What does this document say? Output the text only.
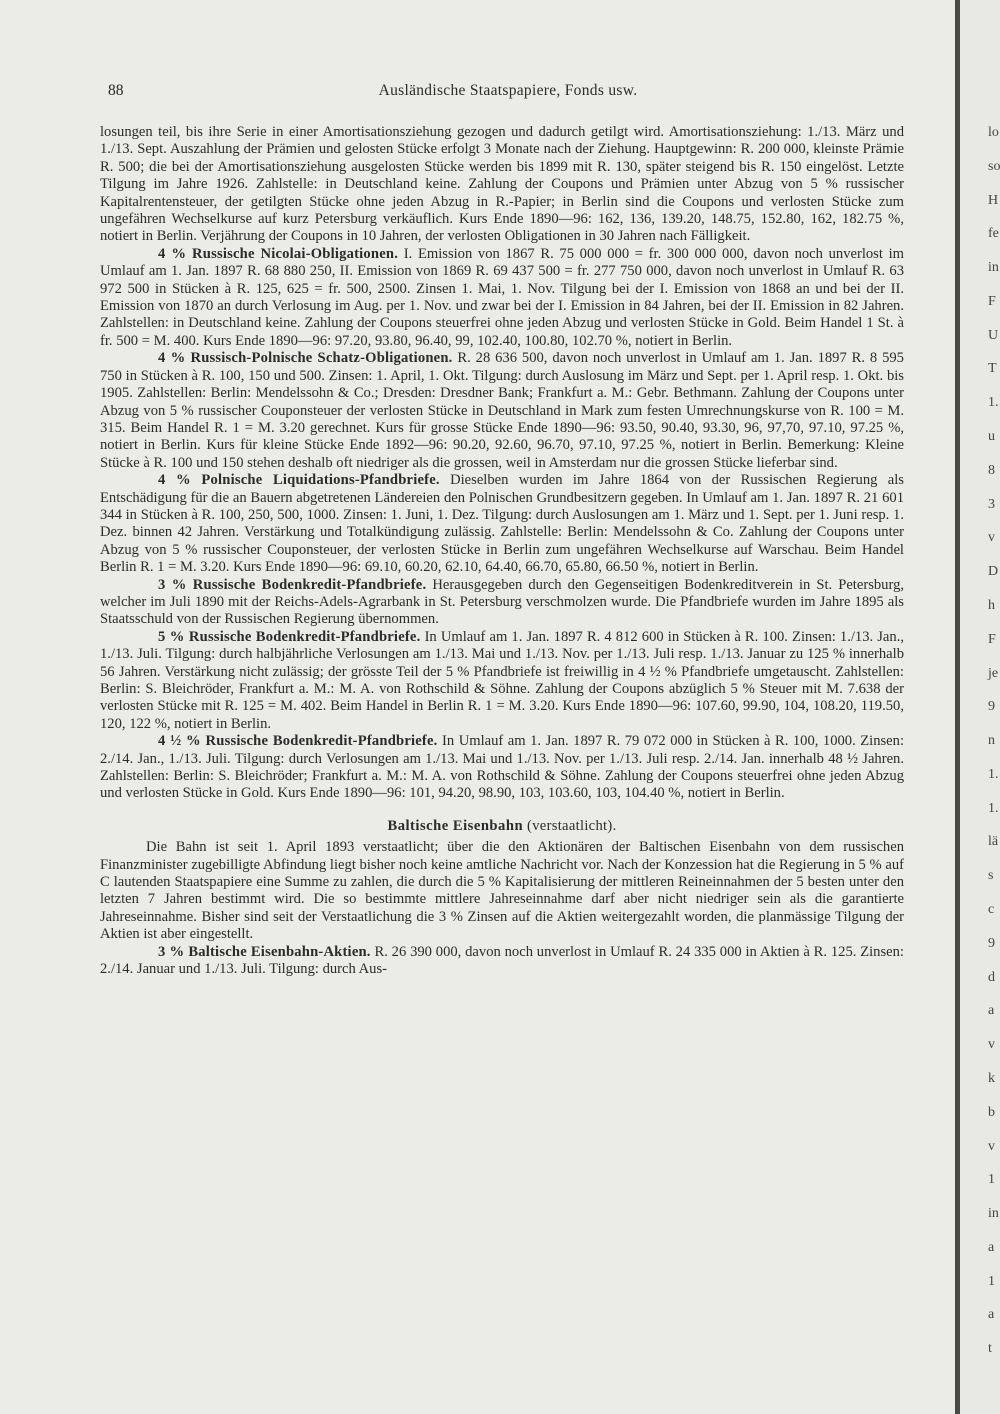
88	Ausländische Staatspapiere, Fonds usw.

losungen teil, bis ihre Serie in einer Amortisationsziehung gezogen und dadurch getilgt wird. Amortisationsziehung: 1./13. März und 1./13. Sept. Auszahlung der Prämien und gelosten Stücke erfolgt 3 Monate nach der Ziehung. Hauptgewinn: R. 200 000, kleinste Prämie R. 500; die bei der Amortisationsziehung ausgelosten Stücke werden bis 1899 mit R. 130, später steigend bis R. 150 eingelöst. Letzte Tilgung im Jahre 1926. Zahlstelle: in Deutschland keine. Zahlung der Coupons und Prämien unter Abzug von 5 % russischer Kapitalrentensteuer, der getilgten Stücke ohne jeden Abzug in R.-Papier; in Berlin sind die Coupons und verlosten Stücke zum ungefähren Wechselkurse auf kurz Petersburg verkäuflich. Kurs Ende 1890—96: 162, 136, 139.20, 148.75, 152.80, 162, 182.75 %, notiert in Berlin. Verjährung der Coupons in 10 Jahren, der verlosten Obligationen in 30 Jahren nach Fälligkeit.

4 % Russische Nicolai-Obligationen. I. Emission von 1867 R. 75 000 000 = fr. 300 000 000, davon noch unverlost im Umlauf am 1. Jan. 1897 R. 68 880 250, II. Emission von 1869 R. 69 437 500 = fr. 277 750 000, davon noch unverlost in Umlauf R. 63 972 500 in Stücken à R. 125, 625 = fr. 500, 2500. Zinsen 1. Mai, 1. Nov. Tilgung bei der I. Emission von 1868 an und bei der II. Emission von 1870 an durch Verlosung im Aug. per 1. Nov. und zwar bei der I. Emission in 84 Jahren, bei der II. Emission in 82 Jahren. Zahlstellen: in Deutschland keine. Zahlung der Coupons steuerfrei ohne jeden Abzug und verlosten Stücke in Gold. Beim Handel 1 St. à fr. 500 = M. 400. Kurs Ende 1890—96: 97.20, 93.80, 96.40, 99, 102.40, 100.80, 102.70 %, notiert in Berlin.

4 % Russisch-Polnische Schatz-Obligationen. R. 28 636 500, davon noch unverlost in Umlauf am 1. Jan. 1897 R. 8 595 750 in Stücken à R. 100, 150 und 500. Zinsen: 1. April, 1. Okt. Tilgung: durch Auslosung im März und Sept. per 1. April resp. 1. Okt. bis 1905. Zahlstellen: Berlin: Mendelssohn & Co.; Dresden: Dresdner Bank; Frankfurt a. M.: Gebr. Bethmann. Zahlung der Coupons unter Abzug von 5 % russischer Couponsteuer der verlosten Stücke in Deutschland in Mark zum festen Umrechnungskurse von R. 100 = M. 315. Beim Handel R. 1 = M. 3.20 gerechnet. Kurs für grosse Stücke Ende 1890—96: 93.50, 90.40, 93.30, 96, 97,70, 97.10, 97.25 %, notiert in Berlin. Kurs für kleine Stücke Ende 1892—96: 90.20, 92.60, 96.70, 97.10, 97.25 %, notiert in Berlin. Bemerkung: Kleine Stücke à R. 100 und 150 stehen deshalb oft niedriger als die grossen, weil in Amsterdam nur die grossen Stücke lieferbar sind.

4 % Polnische Liquidations-Pfandbriefe. Dieselben wurden im Jahre 1864 von der Russischen Regierung als Entschädigung für die an Bauern abgetretenen Ländereien den Polnischen Grundbesitzern gegeben. In Umlauf am 1. Jan. 1897 R. 21 601 344 in Stücken à R. 100, 250, 500, 1000. Zinsen: 1. Juni, 1. Dez. Tilgung: durch Auslosungen am 1. März und 1. Sept. per 1. Juni resp. 1. Dez. binnen 42 Jahren. Verstärkung und Totalkündigung zulässig. Zahlstelle: Berlin: Mendelssohn & Co. Zahlung der Coupons unter Abzug von 5 % russischer Couponsteuer, der verlosten Stücke in Berlin zum ungefähren Wechselkurse auf Warschau. Beim Handel Berlin R. 1 = M. 3.20. Kurs Ende 1890—96: 69.10, 60.20, 62.10, 64.40, 66.70, 65.80, 66.50 %, notiert in Berlin.

3 % Russische Bodenkredit-Pfandbriefe. Herausgegeben durch den Gegenseitigen Bodenkreditverein in St. Petersburg, welcher im Juli 1890 mit der Reichs-Adels-Agrarbank in St. Petersburg verschmolzen wurde. Die Pfandbriefe wurden im Jahre 1895 als Staatsschuld von der Russischen Regierung übernommen.

5 % Russische Bodenkredit-Pfandbriefe. In Umlauf am 1. Jan. 1897 R. 4 812 600 in Stücken à R. 100. Zinsen: 1./13. Jan., 1./13. Juli. Tilgung: durch halbjährliche Verlosungen am 1./13. Mai und 1./13. Nov. per 1./13. Juli resp. 1./13. Januar zu 125 % innerhalb 56 Jahren. Verstärkung nicht zulässig; der grösste Teil der 5 % Pfandbriefe ist freiwillig in 4 ½ % Pfandbriefe umgetauscht. Zahlstellen: Berlin: S. Bleichröder, Frankfurt a. M.: M. A. von Rothschild & Söhne. Zahlung der Coupons abzüglich 5 % Steuer mit M. 7.638 der verlosten Stücke mit R. 125 = M. 402. Beim Handel in Berlin R. 1 = M. 3.20. Kurs Ende 1890—96: 107.60, 99.90, 104, 108.20, 119.50, 120, 122 %, notiert in Berlin.

4 ½ % Russische Bodenkredit-Pfandbriefe. In Umlauf am 1. Jan. 1897 R. 79 072 000 in Stücken à R. 100, 1000. Zinsen: 2./14. Jan., 1./13. Juli. Tilgung: durch Verlosungen am 1./13. Mai und 1./13. Nov. per 1./13. Juli resp. 2./14. Jan. innerhalb 48 ½ Jahren. Zahlstellen: Berlin: S. Bleichröder; Frankfurt a. M.: M. A. von Rothschild & Söhne. Zahlung der Coupons steuerfrei ohne jeden Abzug und verlosten Stücke in Gold. Kurs Ende 1890—96: 101, 94.20, 98.90, 103, 103.60, 103, 104.40 %, notiert in Berlin.

Baltische Eisenbahn (verstaatlicht).

Die Bahn ist seit 1. April 1893 verstaatlicht; über die den Aktionären der Baltischen Eisenbahn von dem russischen Finanzminister zugebilligte Abfindung liegt bisher noch keine amtliche Nachricht vor. Nach der Konzession hat die Regierung in 5 % auf C lautenden Staatspapiere eine Summe zu zahlen, die durch die 5 % Kapitalisierung der mittleren Reineinnahmen der 5 besten unter den letzten 7 Jahren bestimmt wird. Die so bestimmte mittlere Jahreseinnahme darf aber nicht niedriger sein als die garantierte Jahreseinnahme. Bisher sind seit der Verstaatlichung die 3 % Zinsen auf die Aktien weitergezahlt worden, die planmässige Tilgung der Aktien ist aber eingestellt.

3 % Baltische Eisenbahn-Aktien. R. 26 390 000, davon noch unverlost in Umlauf R. 24 335 000 in Aktien à R. 125. Zinsen: 2./14. Januar und 1./13. Juli. Tilgung: durch Aus-

lo
so
H
fe
in
F
U
T
1.
u
8
3
v
D
h
F
je
9
n
1.
1.
lä
s
c
9
d
a
v
k
b
v
1
in
a
1
a
t
